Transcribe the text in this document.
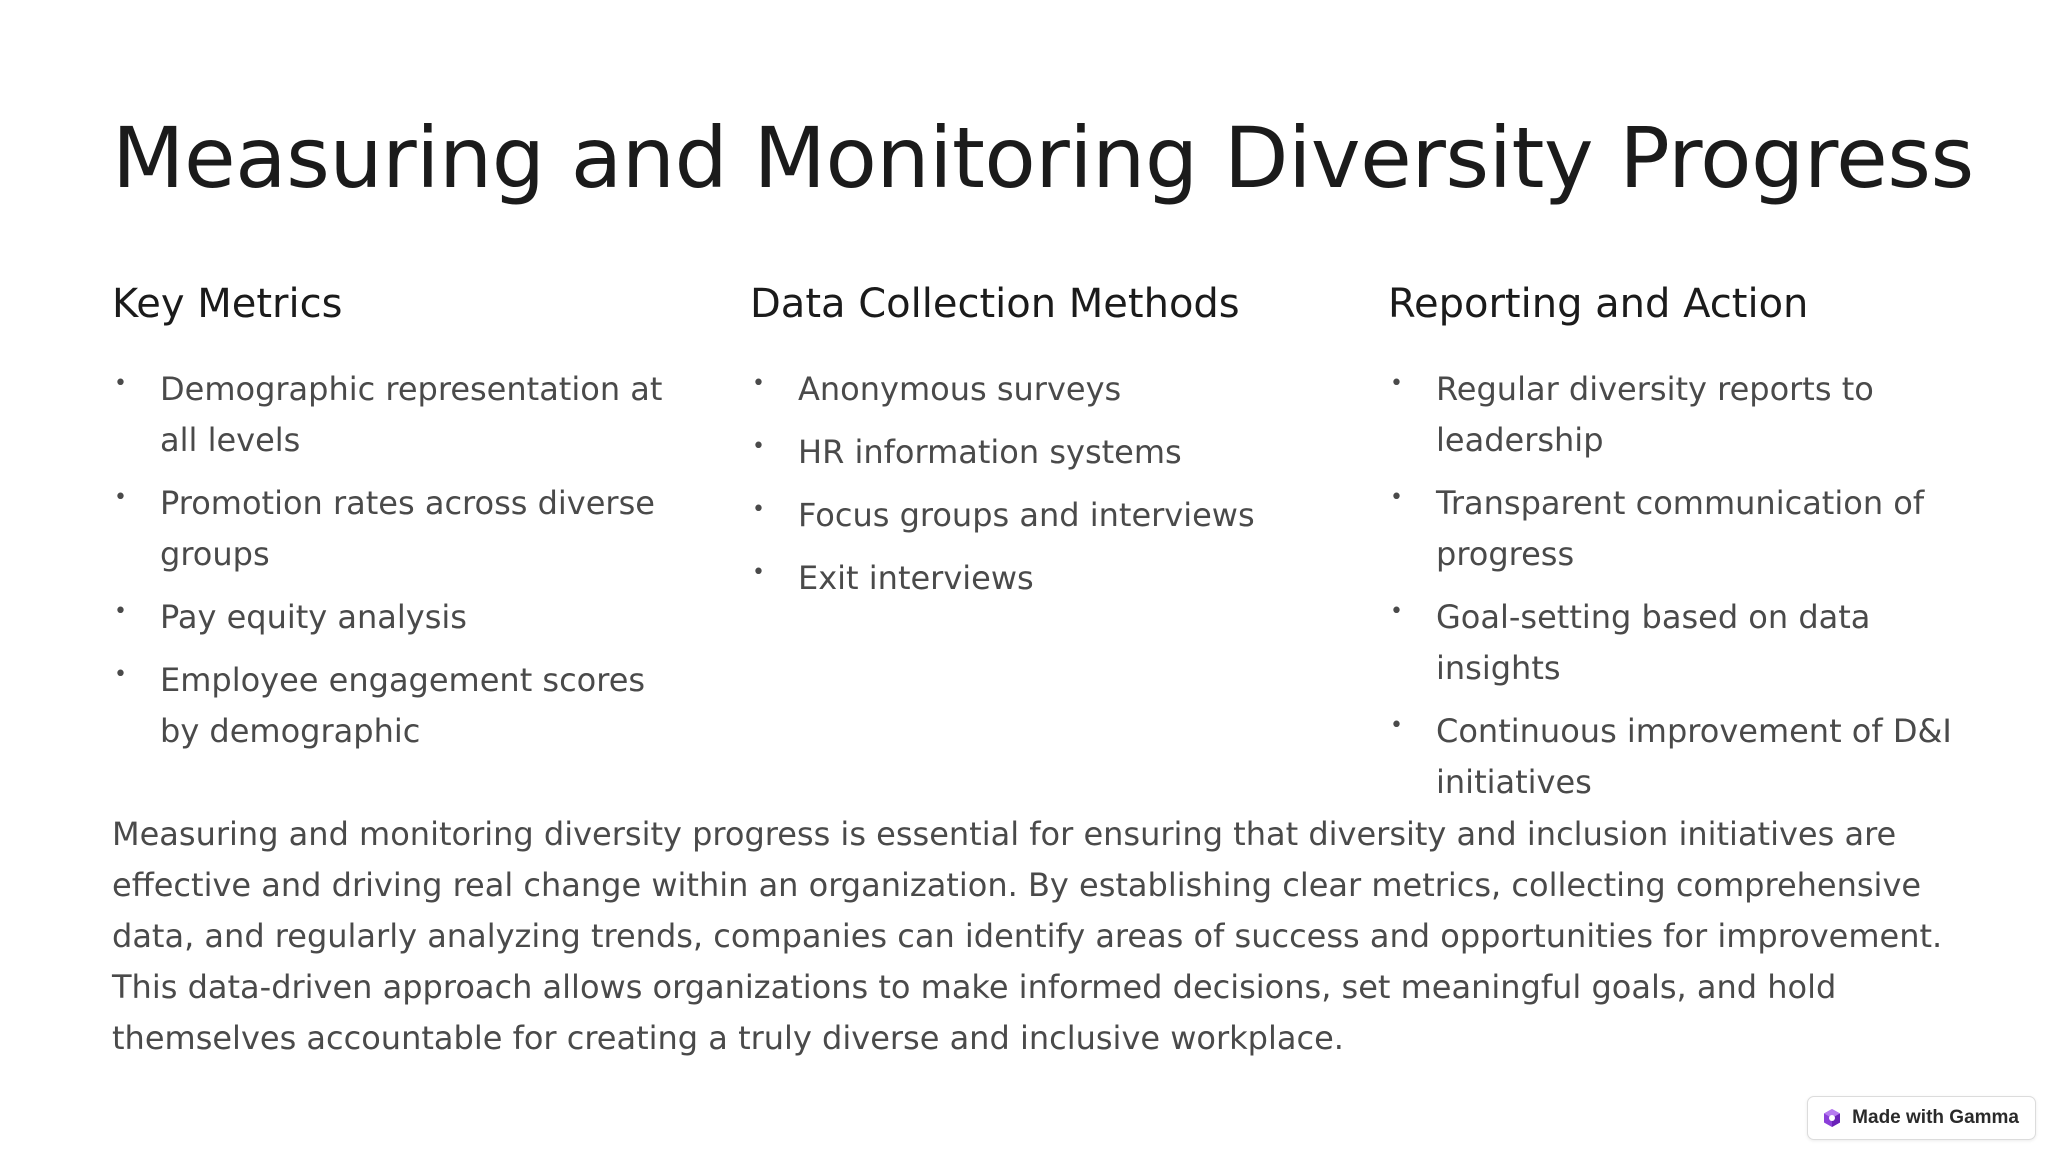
Measuring and Monitoring Diversity Progress
Key Metrics
• Demographic representation at all levels
• Promotion rates across diverse groups
• Pay equity analysis
• Employee engagement scores by demographic
Data Collection Methods
• Anonymous surveys
• HR information systems
• Focus groups and interviews
• Exit interviews
Reporting and Action
• Regular diversity reports to leadership
• Transparent communication of progress
• Goal-setting based on data insights
• Continuous improvement of D&I initiatives

Measuring and monitoring diversity progress is essential for ensuring that diversity and inclusion initiatives are effective and driving real change within an organization. By establishing clear metrics, collecting comprehensive data, and regularly analyzing trends, companies can identify areas of success and opportunities for improvement. This data-driven approach allows organizations to make informed decisions, set meaningful goals, and hold themselves accountable for creating a truly diverse and inclusive workplace.

Made with Gamma
